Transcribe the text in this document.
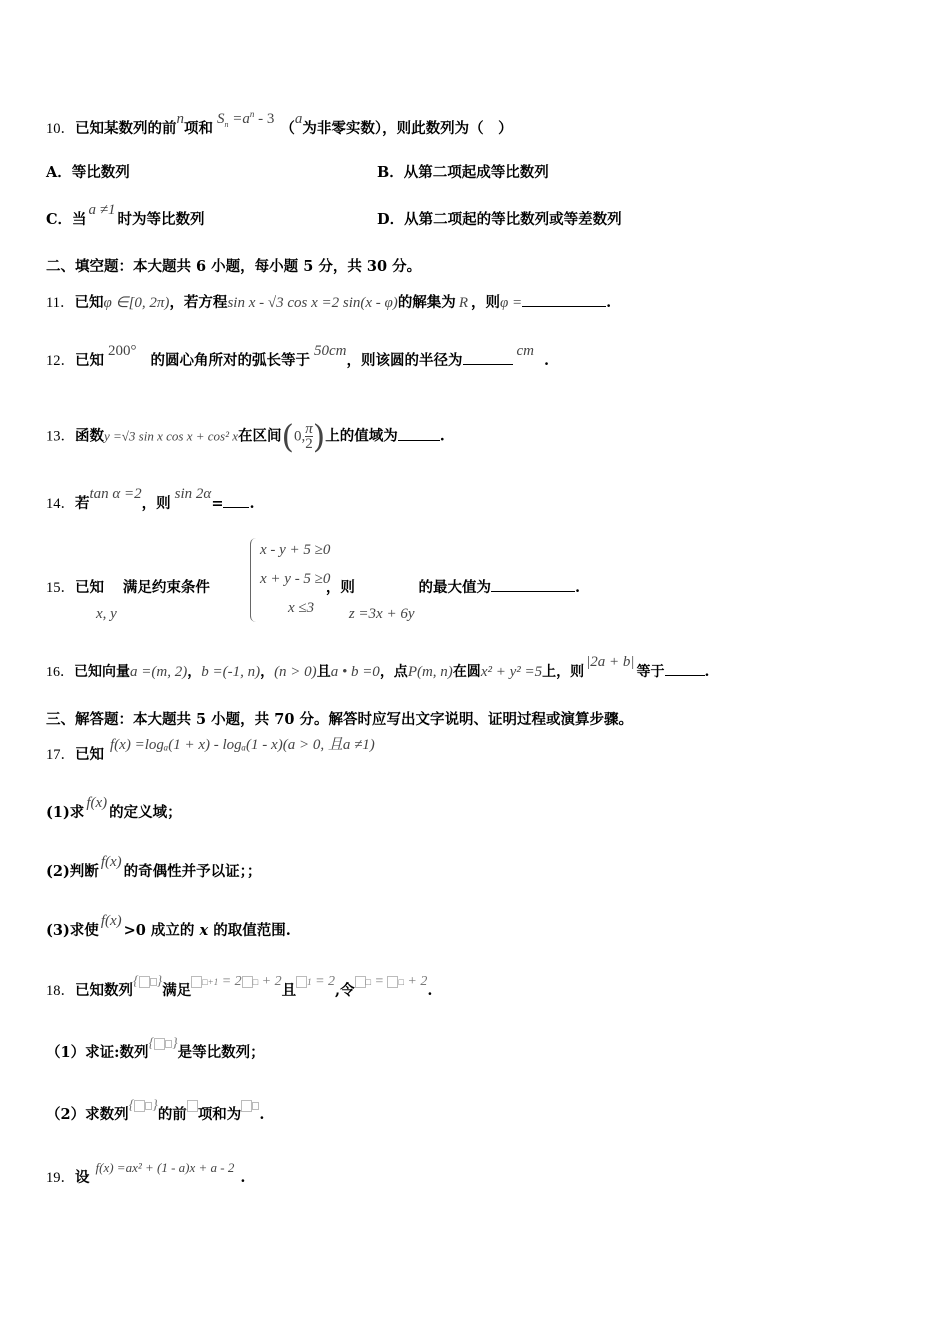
10．已知某数列的前n项和$S_n =a^n - 3(a$为非零实数），则此数列为（　）
A．等比数列	B．从第二项起成等比数列
C．当a ≠1时为等比数列	D．从第二项起的等比数列或等差数列
二、填空题：本大题共 6 小题，每小题 5 分，共 30 分。
11．已知φ ∈[0, 2π)，若方程sin x - √3 cos x =2 sin(x - φ)的解集为 R ，则φ =	.
12．已知200°的圆心角所对的弧长等于50cm，则该圆的半径为cm.
13．函数y =√3 sin x cos x + cos² x在区间(0, $\frac{\pi}{2}$ )上的值域为	.
14．若tan α =2，则sin 2α= .
15．已知x, y满足约束条件	，则z =3x + 6y的最大值为	.
x - y + 5 ≥0
x + y - 5 ≥0
x ≤3
16．已知向量a =(m, 2)，b =(-1, n)，(n > 0)且a • b =0，点P(m, n)在圆x² + y² =5上，则|2a + b|等于	.
三、解答题：本大题共 5 小题，共 70 分。解答时应写出文字说明、证明过程或演算步骤。
17．已知f(x) =logₐ(1 + x) - logₐ(1 - x)(a > 0, 且a ≠1)
(1)求f(x)的定义域；
(2)判断f(x)的奇偶性并予以证；；
(3)求使f(x)>0 成立的 x 的取值范围.
18．已知数列{ }满足 □+1 = 2 □ + 2且 1 = 2,令 □ = □ + 2.
（1）求证:数列{ }是等比数列；
（2）求数列{ }的前 项和为 .
19．设f(x) =ax² + (1 - a)x + a - 2.
